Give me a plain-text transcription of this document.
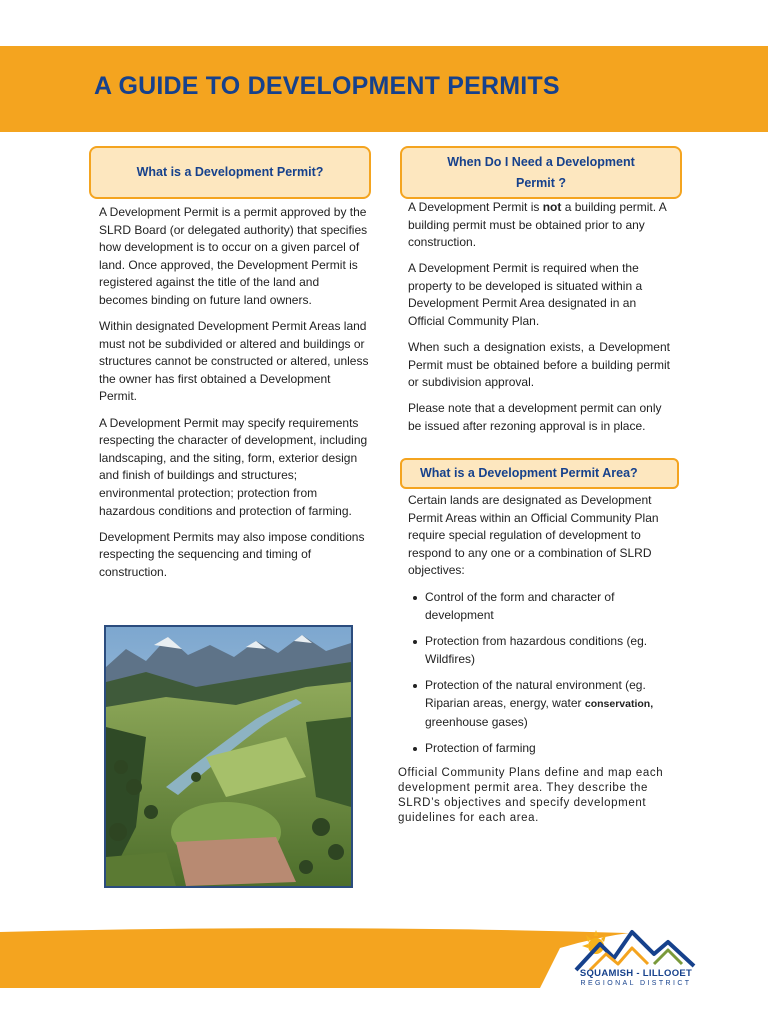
A GUIDE TO DEVELOPMENT PERMITS
What is a Development Permit?
When Do I Need a Development Permit ?

A Development Permit is a permit approved by the SLRD Board (or delegated authority) that specifies how development is to occur on a given parcel of land. Once approved, the Development Permit is registered against the title of the land and becomes binding on future land owners.

Within designated Development Permit Areas land must not be subdivided or altered and buildings or structures cannot be constructed or altered, unless the owner has first obtained a Development Permit.

A Development Permit may specify requirements respecting the character of development, including landscaping, and the siting, form, exterior design and finish of buildings and structures; environmental protection; protection from hazardous conditions and protection of farming.

Development Permits may also impose conditions respecting the sequencing and timing of construction.

A Development Permit is not a building permit. A building permit must be obtained prior to any construction.

A Development Permit is required when the property to be developed is situated within a Development Permit Area designated in an Official Community Plan.

When such a designation exists, a Development Permit must be obtained before a building permit or subdivision approval.

Please note that a development permit can only be issued after rezoning approval is in place.

What is a Development Permit Area?

Certain lands are designated as Development Permit Areas within an Official Community Plan require special regulation of development to respond to any one or a combination of SLRD objectives:

Control of the form and character of development
Protection from hazardous conditions (eg. Wildfires)
Protection of the natural environment (eg. Riparian areas, energy, water conservation, greenhouse gases)
Protection of farming
Official Community Plans define and map each development permit area. They describe the SLRD’s objectives and specify development guidelines for each area.
SQUAMISH - LILLOOET
REGIONAL DISTRICT
